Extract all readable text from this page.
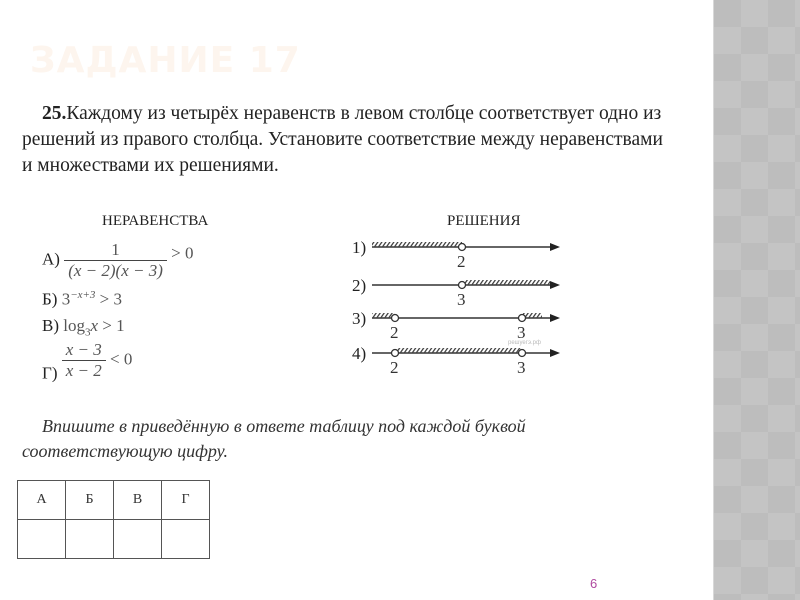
ЗАДАНИЕ 17
25.Каждому из четырёх неравенств в левом столбце соответствует одно из решений из правого столбца. Установите соответствие между неравенствами и множествами их решениями.
НЕРАВЕНСТВА	РЕШЕНИЯ
$А) \frac{1}{(x - 2)(x - 3)} > 0$
Б) $3^{-x+3} > 3$
В) $\log_3x > 1$
$Г) \frac{x - 3}{x - 2} < 0$
1)
2
2)
3
3)
2	3
4)
2	3
решуегэ.рф
Впишите в приведённую в ответе таблицу под каждой буквой соответствующую цифру.
А	Б	В	Г

6
